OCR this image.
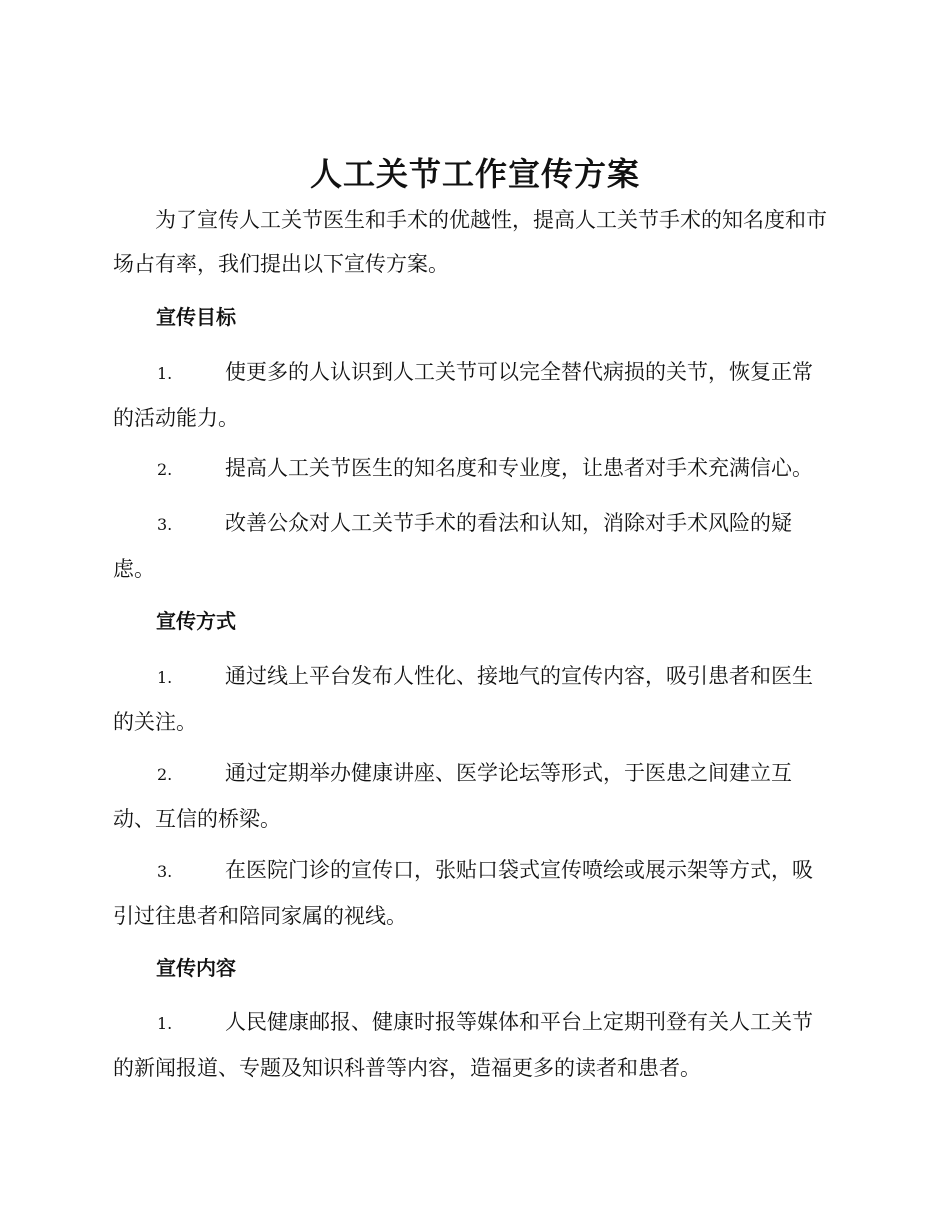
人工关节工作宣传方案

为了宣传人工关节医生和手术的优越性，提高人工关节手术的知名度和市场占有率，我们提出以下宣传方案。

宣传目标

1.	使更多的人认识到人工关节可以完全替代病损的关节，恢复正常的活动能力。

2.	提高人工关节医生的知名度和专业度，让患者对手术充满信心。

3.	改善公众对人工关节手术的看法和认知，消除对手术风险的疑虑。

宣传方式

1.	通过线上平台发布人性化、接地气的宣传内容，吸引患者和医生的关注。

2.	通过定期举办健康讲座、医学论坛等形式，于医患之间建立互动、互信的桥梁。

3.	在医院门诊的宣传口，张贴口袋式宣传喷绘或展示架等方式，吸引过往患者和陪同家属的视线。

宣传内容

1.	人民健康邮报、健康时报等媒体和平台上定期刊登有关人工关节的新闻报道、专题及知识科普等内容，造福更多的读者和患者。
